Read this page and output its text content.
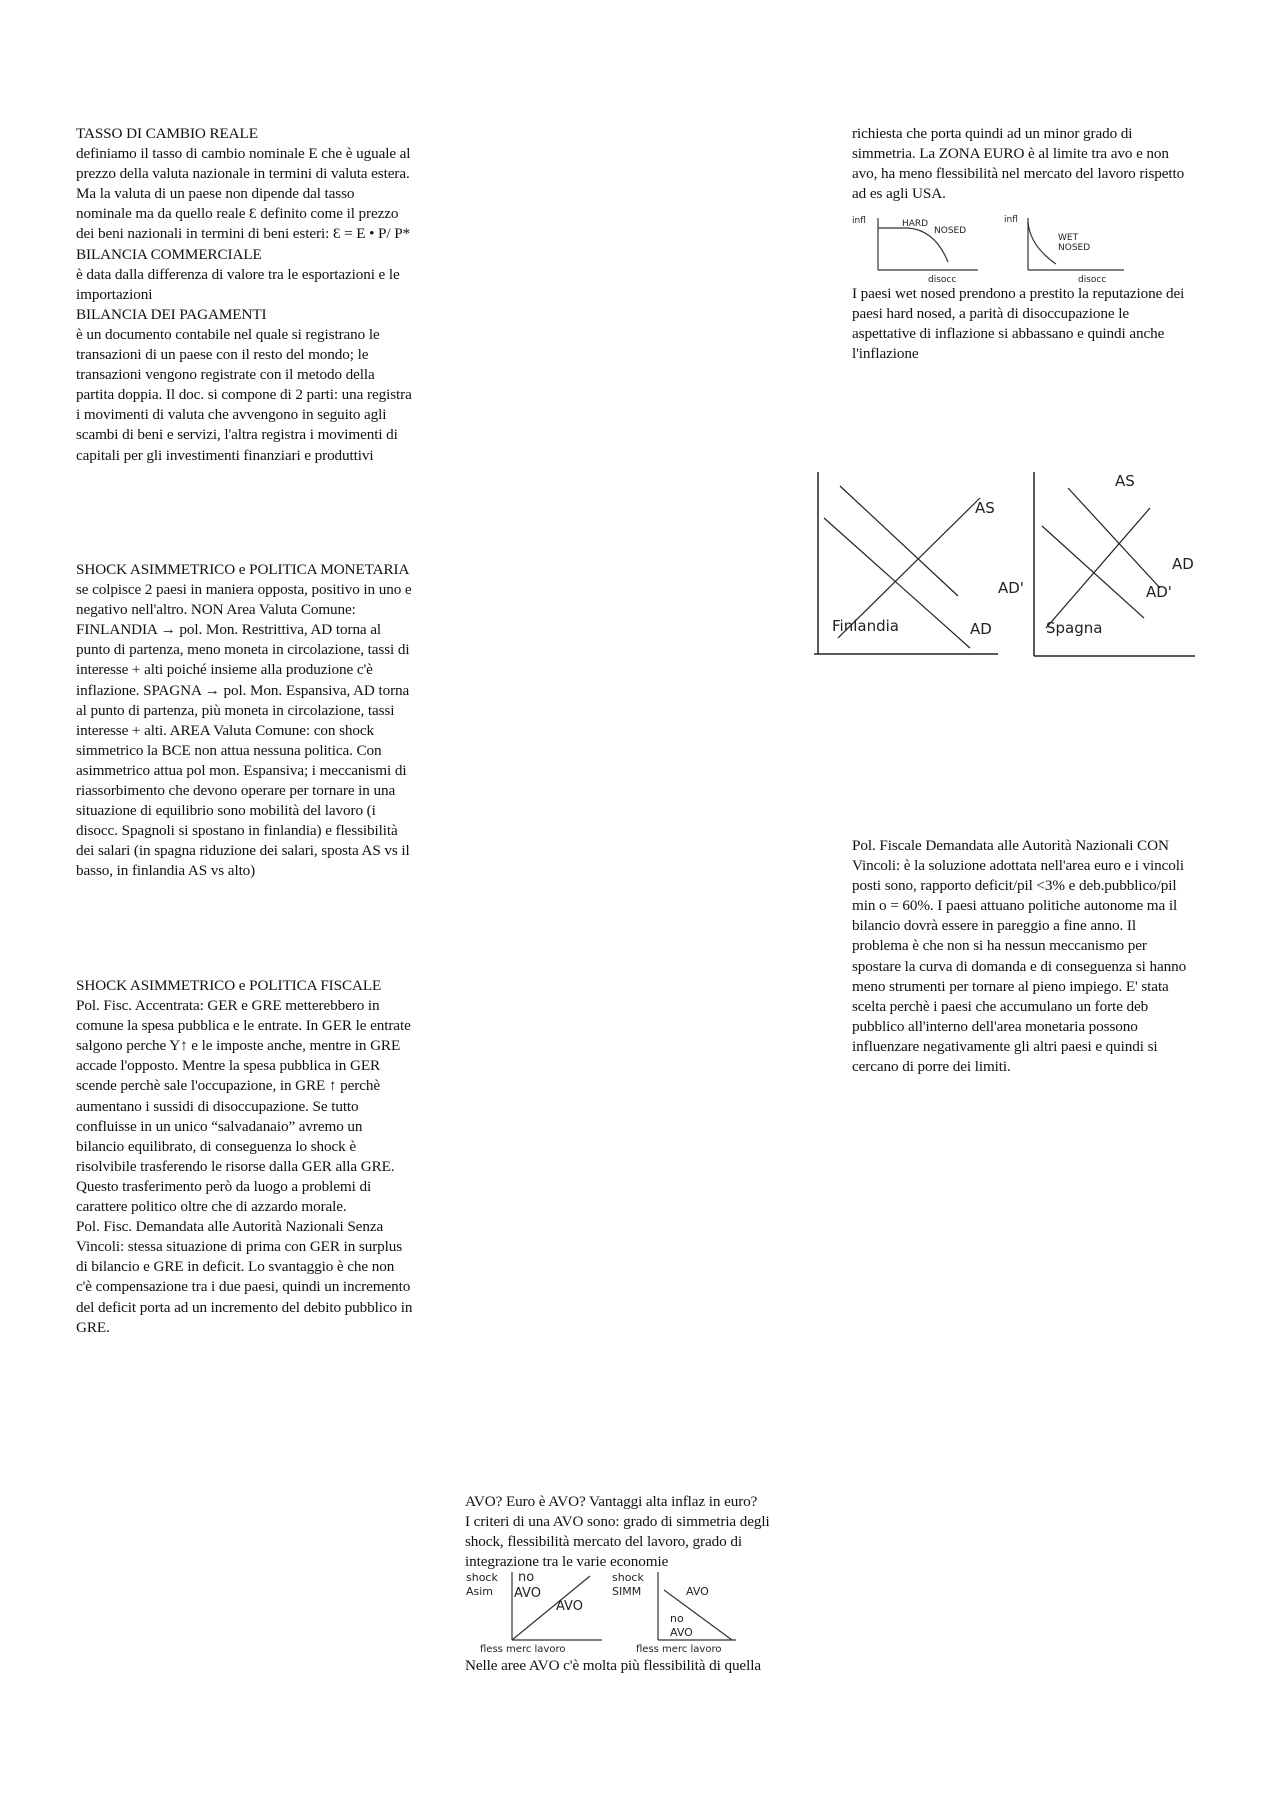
TASSO DI CAMBIO REALE
definiamo il tasso di cambio nominale E che è uguale al
prezzo della valuta nazionale in termini di valuta estera.
Ma la valuta di un paese non dipende dal tasso
nominale ma da quello reale Ɛ definito come il prezzo
dei beni nazionali in termini di beni esteri: Ɛ = E • P/ P*
BILANCIA COMMERCIALE
è data dalla differenza di valore tra le esportazioni e le
importazioni
BILANCIA DEI PAGAMENTI
è un documento contabile nel quale si registrano le
transazioni di un paese con il resto del mondo; le
transazioni vengono registrate con il metodo della
partita doppia. Il doc. si compone di 2 parti: una registra
i movimenti di valuta che avvengono in seguito agli
scambi di beni e servizi, l'altra registra i movimenti di
capitali per gli investimenti finanziari e produttivi
SHOCK ASIMMETRICO e POLITICA MONETARIA
se colpisce 2 paesi in maniera opposta, positivo in uno e
negativo nell'altro. NON Area Valuta Comune:
FINLANDIA → pol. Mon. Restrittiva, AD torna al
punto di partenza, meno moneta in circolazione, tassi di
interesse + alti poiché insieme alla produzione c'è
inflazione. SPAGNA → pol. Mon. Espansiva, AD torna
al punto di partenza, più moneta in circolazione, tassi
interesse + alti. AREA Valuta Comune: con shock
simmetrico la BCE non attua nessuna politica. Con
asimmetrico attua pol mon. Espansiva; i meccanismi di
riassorbimento che devono operare per tornare in una
situazione di equilibrio sono mobilità del lavoro (i
disocc. Spagnoli si spostano in finlandia) e flessibilità
dei salari (in spagna riduzione dei salari, sposta AS vs il
basso, in finlandia AS vs alto)
SHOCK ASIMMETRICO e POLITICA FISCALE
Pol. Fisc. Accentrata: GER e GRE metterebbero in
comune la spesa pubblica e le entrate. In GER le entrate
salgono perche Y↑ e le imposte anche, mentre in GRE
accade l'opposto. Mentre la spesa pubblica in GER
scende perchè sale l'occupazione, in GRE ↑ perchè
aumentano i sussidi di disoccupazione. Se tutto
confluisse in un unico “salvadanaio” avremo un
bilancio equilibrato, di conseguenza lo shock è
risolvibile trasferendo le risorse dalla GER alla GRE.
Questo trasferimento però da luogo a problemi di
carattere politico oltre che di azzardo morale.
Pol. Fisc. Demandata alle Autorità Nazionali Senza
Vincoli: stessa situazione di prima con GER in surplus
di bilancio e GRE in deficit. Lo svantaggio è che non
c'è compensazione tra i due paesi, quindi un incremento
del deficit porta ad un incremento del debito pubblico in
GRE.
richiesta che porta quindi ad un minor grado di
simmetria. La ZONA EURO è al limite tra avo e non
avo, ha meno flessibilità nel mercato del lavoro rispetto
ad es agli USA.
infl	HARD
NOSED
disocc
infl
WET
NOSED
disocc
I paesi wet nosed prendono a prestito la reputazione dei
paesi hard nosed, a parità di disoccupazione le
aspettative di inflazione si abbassano e quindi anche
l'inflazione
AS
AD'
AD
Finlandia
AS
AD
AD'
Spagna
Pol. Fiscale Demandata alle Autorità Nazionali CON
Vincoli: è la soluzione adottata nell'area euro e i vincoli
posti sono, rapporto deficit/pil <3% e deb.pubblico/pil
min o = 60%. I paesi attuano politiche autonome ma il
bilancio dovrà essere in pareggio a fine anno. Il
problema è che non si ha nessun meccanismo per
spostare la curva di domanda e di conseguenza si hanno
meno strumenti per tornare al pieno impiego. E' stata
scelta perchè i paesi che accumulano un forte deb
pubblico all'interno dell'area monetaria possono
influenzare negativamente gli altri paesi e quindi si
cercano di porre dei limiti.
AVO? Euro è AVO? Vantaggi alta inflaz in euro?
I criteri di una AVO sono: grado di simmetria degli
shock, flessibilità mercato del lavoro, grado di
integrazione tra le varie economie
shock
Asim
no
AVO
AVO
fless merc lavoro
shock
SIMM	AVO
no
AVO
fless merc lavoro
Nelle aree AVO c'è molta più flessibilità di quella
